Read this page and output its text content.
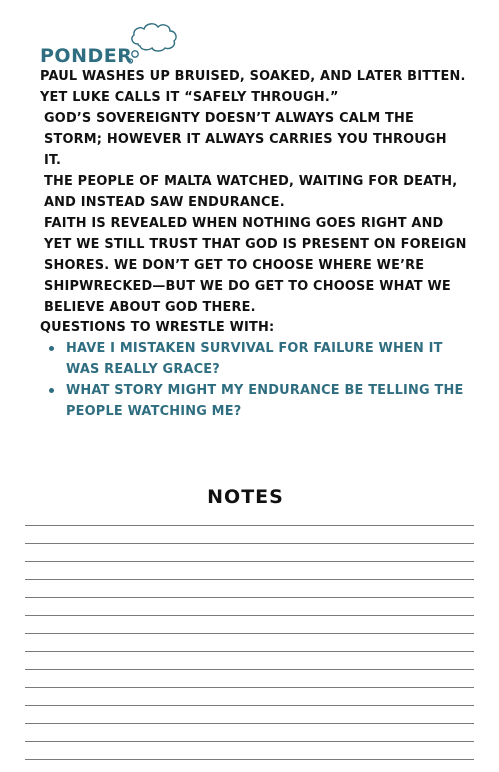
PONDER

PAUL WASHES UP BRUISED, SOAKED, AND LATER BITTEN. YET LUKE CALLS IT “SAFELY THROUGH.”

GOD’S SOVEREIGNTY DOESN’T ALWAYS CALM THE STORM; HOWEVER IT ALWAYS CARRIES YOU THROUGH IT.

THE PEOPLE OF MALTA WATCHED, WAITING FOR DEATH, AND INSTEAD SAW ENDURANCE.

FAITH IS REVEALED WHEN NOTHING GOES RIGHT AND YET WE STILL TRUST THAT GOD IS PRESENT ON FOREIGN SHORES. WE DON’T GET TO CHOOSE WHERE WE’RE SHIPWRECKED—BUT WE DO GET TO CHOOSE WHAT WE BELIEVE ABOUT GOD THERE.

QUESTIONS TO WRESTLE WITH:
HAVE I MISTAKEN SURVIVAL FOR FAILURE WHEN IT WAS REALLY GRACE?
WHAT STORY MIGHT MY ENDURANCE BE TELLING THE PEOPLE WATCHING ME?
NOTES
